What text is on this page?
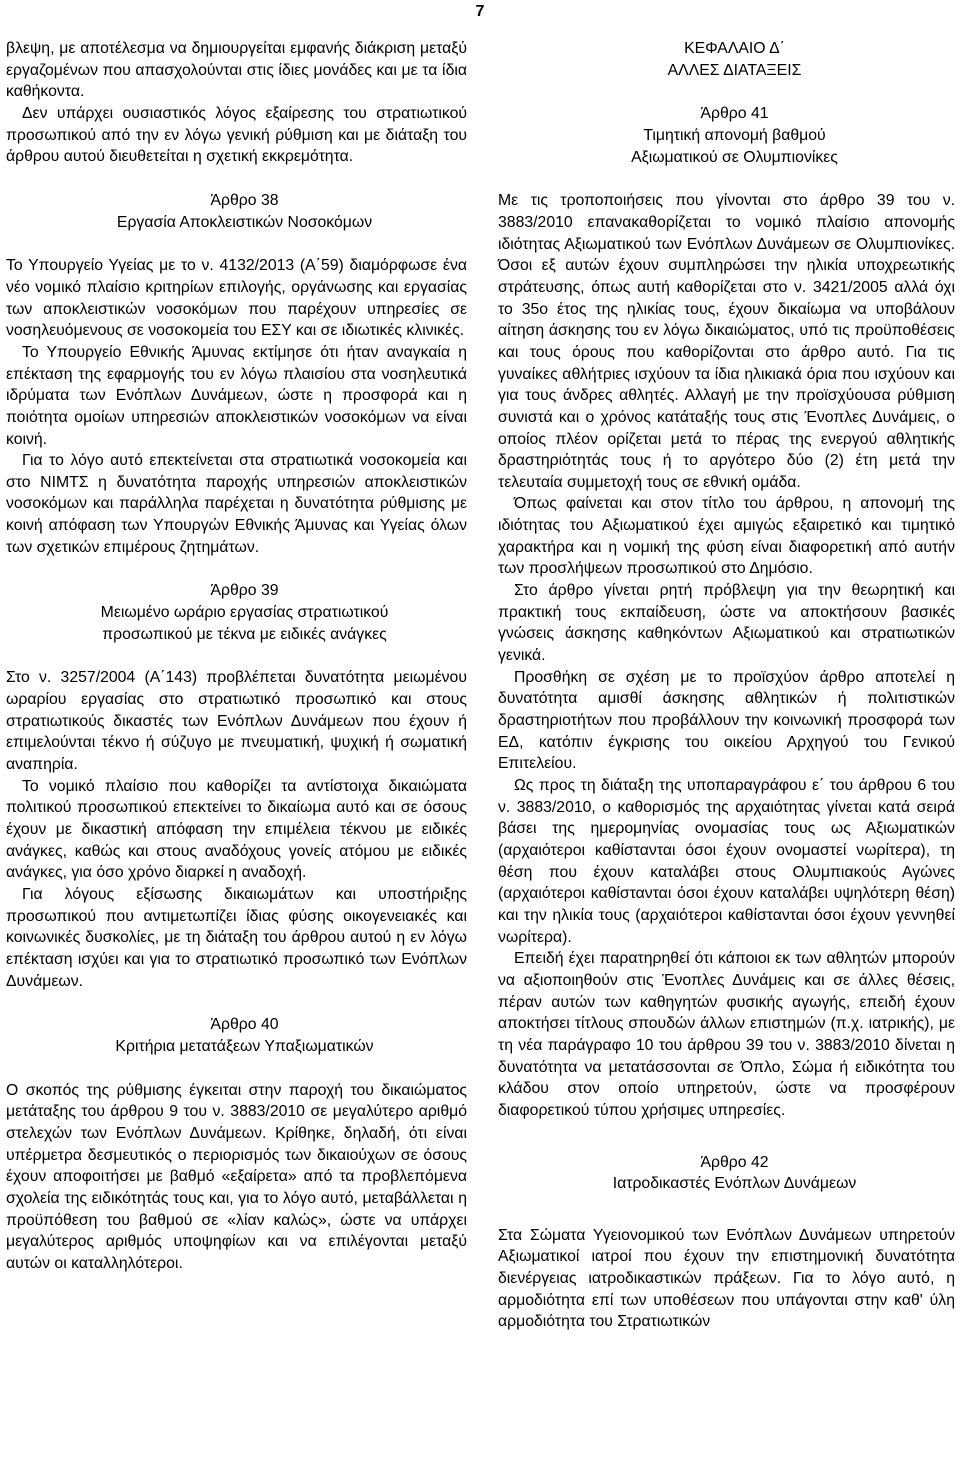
7

βλεψη, με αποτέλεσμα να δημιουργείται εμφανής διάκριση μεταξύ εργαζομένων που απασχολούνται στις ίδιες μονάδες και με τα ίδια καθήκοντα.

Δεν υπάρχει ουσιαστικός λόγος εξαίρεσης του στρατιωτικού προσωπικού από την εν λόγω γενική ρύθμιση και με διάταξη του άρθρου αυτού διευθετείται η σχετική εκκρεμότητα.

Άρθρο 38

Εργασία Αποκλειστικών Νοσοκόμων

Το Υπουργείο Υγείας με το ν. 4132/2013 (Α΄59) διαμόρφωσε ένα νέο νομικό πλαίσιο κριτηρίων επιλογής, οργάνωσης και εργασίας των αποκλειστικών νοσοκόμων που παρέχουν υπηρεσίες σε νοσηλευόμενους σε νοσοκομεία του ΕΣΥ και σε ιδιωτικές κλινικές.

Το Υπουργείο Εθνικής Άμυνας εκτίμησε ότι ήταν αναγκαία η επέκταση της εφαρμογής του εν λόγω πλαισίου στα νοσηλευτικά ιδρύματα των Ενόπλων Δυνάμεων, ώστε η προσφορά και η ποιότητα ομοίων υπηρεσιών αποκλειστικών νοσοκόμων να είναι κοινή.

Για το λόγο αυτό επεκτείνεται στα στρατιωτικά νοσοκομεία και στο ΝΙΜΤΣ η δυνατότητα παροχής υπηρεσιών αποκλειστικών νοσοκόμων και παράλληλα παρέχεται η δυνατότητα ρύθμισης με κοινή απόφαση των Υπουργών Εθνικής Άμυνας και Υγείας όλων των σχετικών επιμέρους ζητημάτων.

Άρθρο 39

Μειωμένο ωράριο εργασίας στρατιωτικού

προσωπικού με τέκνα με ειδικές ανάγκες

Στο ν. 3257/2004 (Α΄143) προβλέπεται δυνατότητα μειωμένου ωραρίου εργασίας στο στρατιωτικό προσωπικό και στους στρατιωτικούς δικαστές των Ενόπλων Δυνάμεων που έχουν ή επιμελούνται τέκνο ή σύζυγο με πνευματική, ψυχική ή σωματική αναπηρία.

Το νομικό πλαίσιο που καθορίζει τα αντίστοιχα δικαιώματα πολιτικού προσωπικού επεκτείνει το δικαίωμα αυτό και σε όσους έχουν με δικαστική απόφαση την επιμέλεια τέκνου με ειδικές ανάγκες, καθώς και στους αναδόχους γονείς ατόμου με ειδικές ανάγκες, για όσο χρόνο διαρκεί η αναδοχή.

Για λόγους εξίσωσης δικαιωμάτων και υποστήριξης προσωπικού που αντιμετωπίζει ίδιας φύσης οικογενειακές και κοινωνικές δυσκολίες, με τη διάταξη του άρθρου αυτού η εν λόγω επέκταση ισχύει και για το στρατιωτικό προσωπικό των Ενόπλων Δυνάμεων.

Άρθρο 40

Κριτήρια μετατάξεων Υπαξιωματικών

Ο σκοπός της ρύθμισης έγκειται στην παροχή του δικαιώματος μετάταξης του άρθρου 9 του ν. 3883/2010 σε μεγαλύτερο αριθμό στελεχών των Ενόπλων Δυνάμεων. Κρίθηκε, δηλαδή, ότι είναι υπέρμετρα δεσμευτικός ο περιορισμός των δικαιούχων σε όσους έχουν αποφοιτήσει με βαθμό «εξαίρετα» από τα προβλεπόμενα σχολεία της ειδικότητάς τους και, για το λόγο αυτό, μεταβάλλεται η προϋπόθεση του βαθμού σε «λίαν καλώς», ώστε να υπάρχει μεγαλύτερος αριθμός υποψηφίων και να επιλέγονται μεταξύ αυτών οι καταλληλότεροι.

ΚΕΦΑΛΑΙΟ Δ΄

ΑΛΛΕΣ ΔΙΑΤΑΞΕΙΣ

Άρθρο 41

Τιμητική απονομή βαθμού

Αξιωματικού σε Ολυμπιονίκες

Με τις τροποποιήσεις που γίνονται στο άρθρο 39 του ν. 3883/2010 επανακαθορίζεται το νομικό πλαίσιο απονομής ιδιότητας Αξιωματικού των Ενόπλων Δυνάμεων σε Ολυμπιονίκες. Όσοι εξ αυτών έχουν συμπληρώσει την ηλικία υποχρεωτικής στράτευσης, όπως αυτή καθορίζεται στο ν. 3421/2005 αλλά όχι το 35ο έτος της ηλικίας τους, έχουν δικαίωμα να υποβάλουν αίτηση άσκησης του εν λόγω δικαιώματος, υπό τις προϋποθέσεις και τους όρους που καθορίζονται στο άρθρο αυτό. Για τις γυναίκες αθλήτριες ισχύουν τα ίδια ηλικιακά όρια που ισχύουν και για τους άνδρες αθλητές. Αλλαγή με την προϊσχύουσα ρύθμιση συνιστά και ο χρόνος κατάταξής τους στις Ένοπλες Δυνάμεις, ο οποίος πλέον ορίζεται μετά το πέρας της ενεργού αθλητικής δραστηριότητάς τους ή το αργότερο δύο (2) έτη μετά την τελευταία συμμετοχή τους σε εθνική ομάδα.

Όπως φαίνεται και στον τίτλο του άρθρου, η απονομή της ιδιότητας του Αξιωματικού έχει αμιγώς εξαιρετικό και τιμητικό χαρακτήρα και η νομική της φύση είναι διαφορετική από αυτήν των προσλήψεων προσωπικού στο Δημόσιο.

Στο άρθρο γίνεται ρητή πρόβλεψη για την θεωρητική και πρακτική τους εκπαίδευση, ώστε να αποκτήσουν βασικές γνώσεις άσκησης καθηκόντων Αξιωματικού και στρατιωτικών γενικά.

Προσθήκη σε σχέση με το προϊσχύον άρθρο αποτελεί η δυνατότητα αμισθί άσκησης αθλητικών ή πολιτιστικών δραστηριοτήτων που προβάλλουν την κοινωνική προσφορά των ΕΔ, κατόπιν έγκρισης του οικείου Αρχηγού του Γενικού Επιτελείου.

Ως προς τη διάταξη της υποπαραγράφου ε΄ του άρθρου 6 του ν. 3883/2010, ο καθορισμός της αρχαιότητας γίνεται κατά σειρά βάσει της ημερομηνίας ονομασίας τους ως Αξιωματικών (αρχαιότεροι καθίστανται όσοι έχουν ονομαστεί νωρίτερα), τη θέση που έχουν καταλάβει στους Ολυμπιακούς Αγώνες (αρχαιότεροι καθίστανται όσοι έχουν καταλάβει υψηλότερη θέση) και την ηλικία τους (αρχαιότεροι καθίστανται όσοι έχουν γεννηθεί νωρίτερα).

Επειδή έχει παρατηρηθεί ότι κάποιοι εκ των αθλητών μπορούν να αξιοποιηθούν στις Ένοπλες Δυνάμεις και σε άλλες θέσεις, πέραν αυτών των καθηγητών φυσικής αγωγής, επειδή έχουν αποκτήσει τίτλους σπουδών άλλων επιστημών (π.χ. ιατρικής), με τη νέα παράγραφο 10 του άρθρου 39 του ν. 3883/2010 δίνεται η δυνατότητα να μετατάσσονται σε Όπλο, Σώμα ή ειδικότητα του κλάδου στον οποίο υπηρετούν, ώστε να προσφέρουν διαφορετικού τύπου χρήσιμες υπηρεσίες.

Άρθρο 42

Ιατροδικαστές Ενόπλων Δυνάμεων

Στα Σώματα Υγειονομικού των Ενόπλων Δυνάμεων υπηρετούν Αξιωματικοί ιατροί που έχουν την επιστημονική δυνατότητα διενέργειας ιατροδικαστικών πράξεων. Για το λόγο αυτό, η αρμοδιότητα επί των υποθέσεων που υπάγονται στην καθ' ύλη αρμοδιότητα του Στρατιωτικών
